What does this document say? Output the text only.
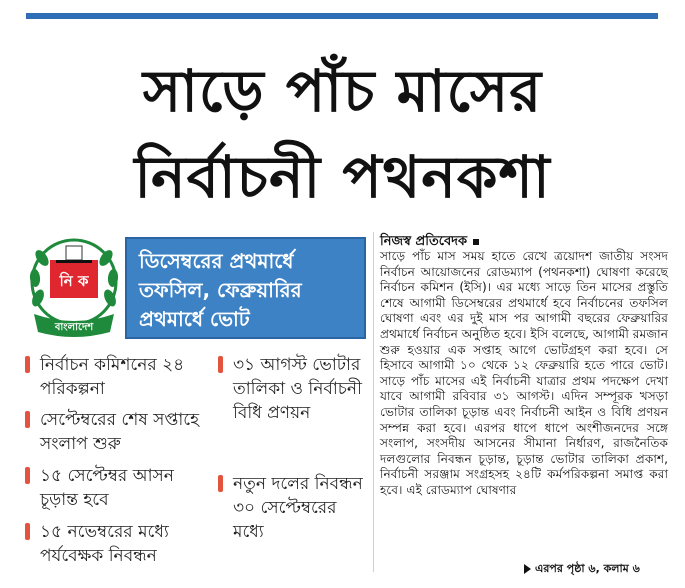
সাড়ে পাঁচ মাসের
নির্বাচনী পথনকশা
নি ক
বাংলাদেশ
ডিসেম্বরের প্রথমার্ধে তফসিল, ফেব্রুয়ারির প্রথমার্ধে ভোট
নির্বাচন কমিশনের ২৪ পরিকল্পনা
সেপ্টেম্বরের শেষ সপ্তাহে সংলাপ শুরু
১৫ সেপ্টেম্বর আসন চূড়ান্ত হবে
১৫ নভেম্বরের মধ্যে পর্যবেক্ষক নিবন্ধন
৩১ আগস্ট ভোটার তালিকা ও নির্বাচনী বিধি প্রণয়ন
নতুন দলের নিবন্ধন ৩০ সেপ্টেম্বরের মধ্যে
নিজস্ব প্রতিবেদক
সাড়ে পাঁচ মাস সময় হাতে রেখে ত্রয়োদশ জাতীয় সংসদ নির্বাচন আয়োজনের রোডম্যাপ (পথনকশা) ঘোষণা করেছে নির্বাচন কমিশন (ইসি)। এর মধ্যে সাড়ে তিন মাসের প্রস্তুতি শেষে আগামী ডিসেম্বরের প্রথমার্ধে হবে নির্বাচনের তফসিল ঘোষণা এবং এর দুই মাস পর আগামী বছরের ফেব্রুয়ারির প্রথমার্ধে নির্বাচন অনুষ্ঠিত হবে। ইসি বলেছে, আগামী রমজান শুরু হওয়ার এক সপ্তাহ আগে ভোটগ্রহণ করা হবে। সে হিসাবে আগামী ১০ থেকে ১২ ফেব্রুয়ারি হতে পারে ভোট। সাড়ে পাঁচ মাসের এই নির্বাচনী যাত্রার প্রথম পদক্ষেপ দেখা যাবে আগামী রবিবার ৩১ আগস্ট। এদিন সম্পূরক খসড়া ভোটার তালিকা চূড়ান্ত এবং নির্বাচনী আইন ও বিধি প্রণয়ন সম্পন্ন করা হবে। এরপর ধাপে ধাপে অংশীজনদের সঙ্গে সংলাপ, সংসদীয় আসনের সীমানা নির্ধারণ, রাজনৈতিক দলগুলোর নিবন্ধন চূড়ান্ত, চূড়ান্ত ভোটার তালিকা প্রকাশ, নির্বাচনী সরঞ্জাম সংগ্রহসহ ২৪টি কর্মপরিকল্পনা সমাপ্ত করা হবে। এই রোডম্যাপ ঘোষণার
এরপর পৃষ্ঠা ৬, কলাম ৬
